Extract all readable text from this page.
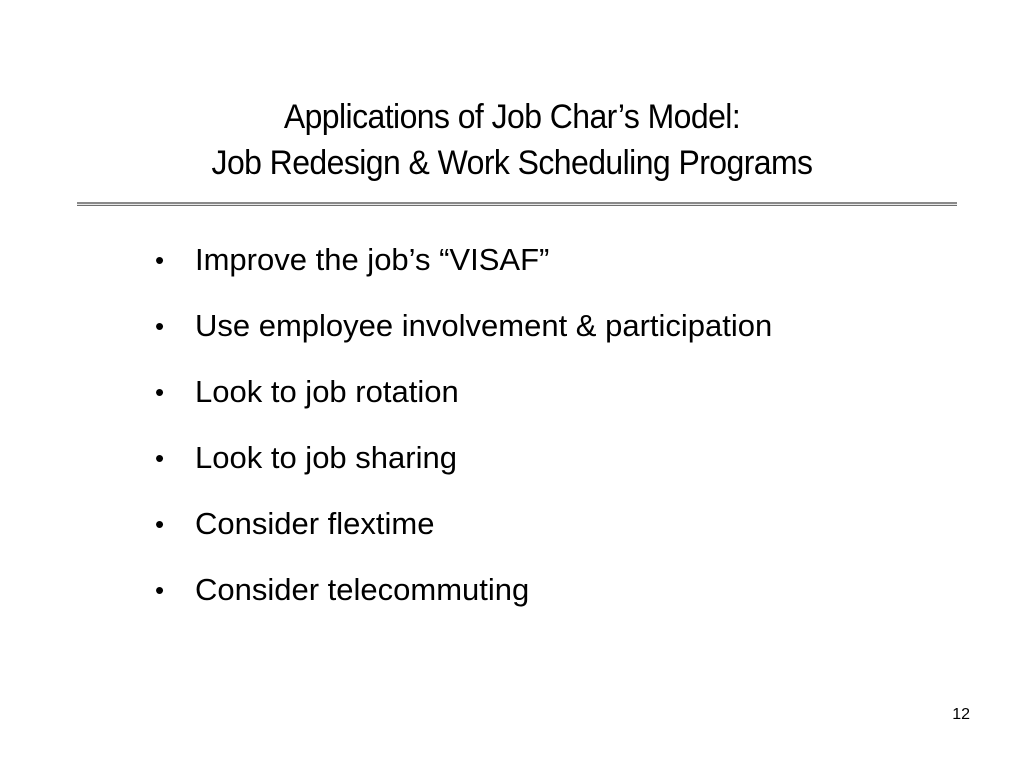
Applications of Job Char’s Model:
Job Redesign & Work Scheduling Programs
• Improve the job’s “VISAF”
• Use employee involvement & participation
• Look to job rotation
• Look to job sharing
• Consider flextime
• Consider telecommuting
12
